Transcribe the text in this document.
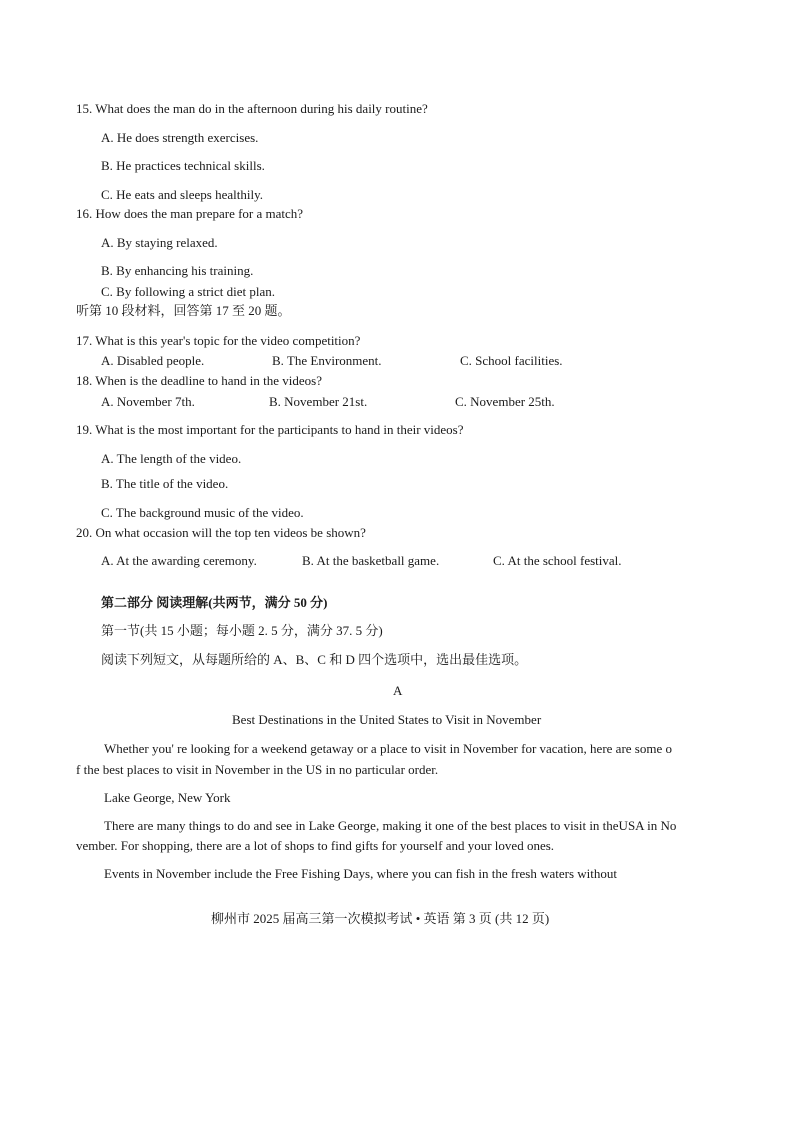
15. What does the man do in the afternoon during his daily routine?
A. He does strength exercises.
B. He practices technical skills.
C. He eats and sleeps healthily.
16. How does the man prepare for a match?
A. By staying relaxed.
B. By enhancing his training.
C. By following a strict diet plan.
听第 10 段材料，回答第 17 至 20 题。
17. What is this year's topic for the video competition?
A. Disabled people.	B. The Environment.	C. School facilities.
18. When is the deadline to hand in the videos?
A. November 7th.	B. November 21st.	C. November 25th.
19. What is the most important for the participants to hand in their videos?
A. The length of the video.
B. The title of the video.
C. The background music of the video.
20. On what occasion will the top ten videos be shown?
A. At the awarding ceremony.	B. At the basketball game.	C. At the school festival.
第二部分 阅读理解(共两节，满分 50 分)
第一节(共 15 小题；每小题 2. 5 分，满分 37. 5 分)
阅读下列短文，从每题所给的 A、B、C 和 D 四个选项中，选出最佳选项。
A
Best Destinations in the United States to Visit in November
Whether you' re looking for a weekend getaway or a place to visit in November for vacation, here are some o
f the best places to visit in November in the US in no particular order.
Lake George, New York
There are many things to do and see in Lake George, making it one of the best places to visit in theUSA in No
vember. For shopping, there are a lot of shops to find gifts for yourself and your loved ones.
Events in November include the Free Fishing Days, where you can fish in the fresh waters without
柳州市 2025 届高三第一次模拟考试 • 英语 第 3 页 (共 12 页)
